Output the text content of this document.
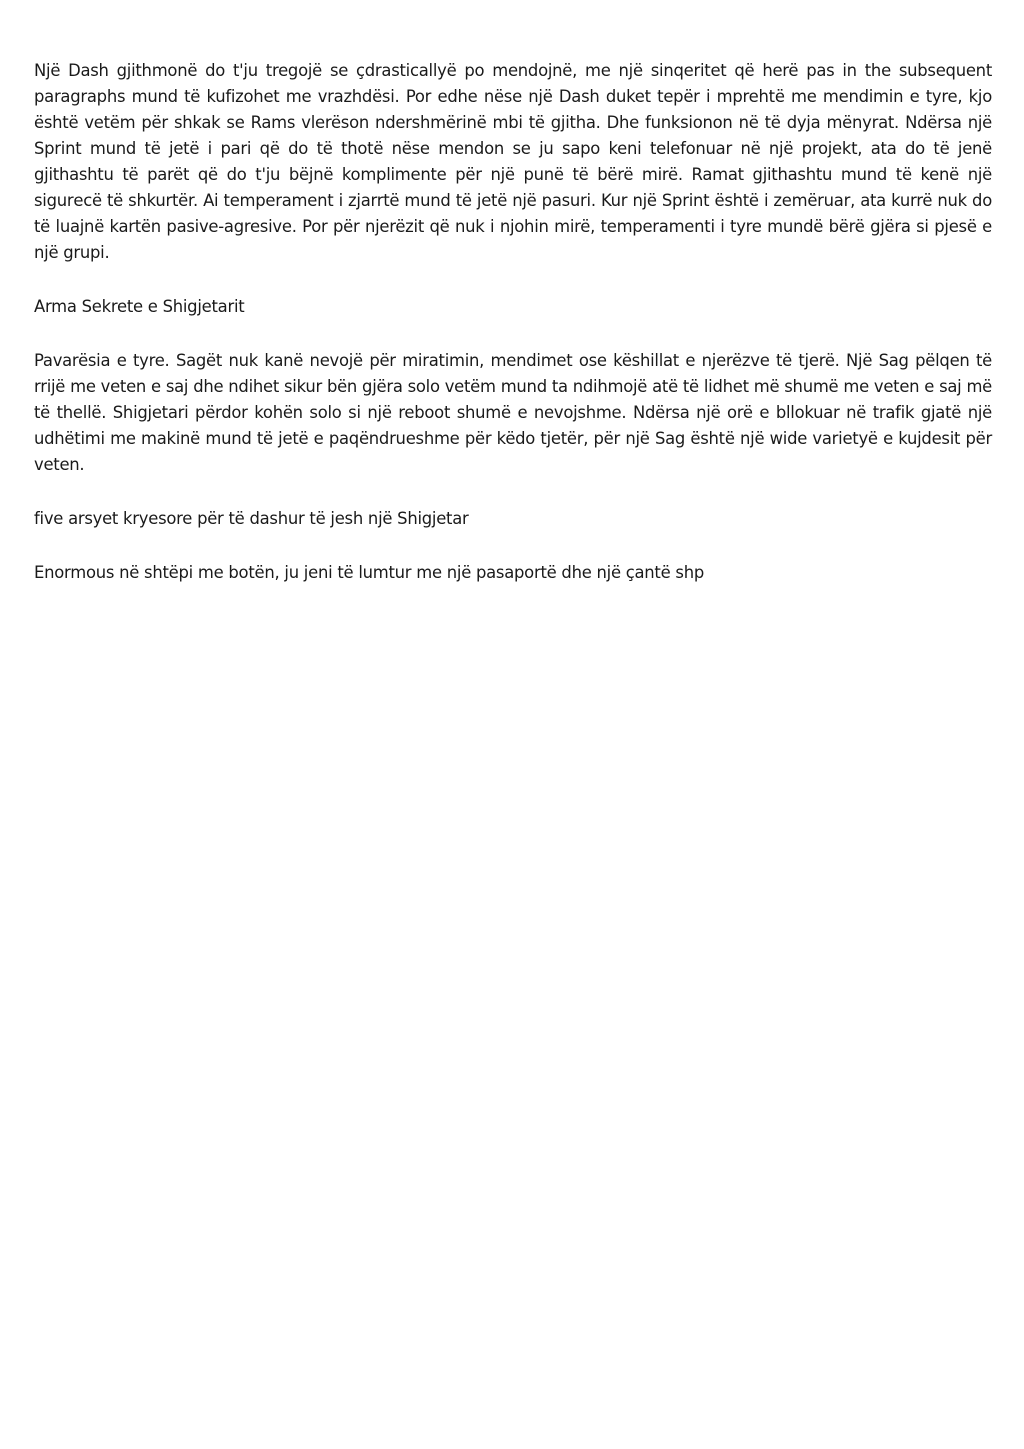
Një Dash gjithmonë do t'ju tregojë se çdrasticallyë po mendojnë, me një sinqeritet që herë pas in the subsequent paragraphs mund të kufizohet me vrazhdësi. Por edhe nëse një Dash duket tepër i mprehtë me mendimin e tyre, kjo është vetëm për shkak se Rams vlerëson ndershmërinë mbi të gjitha. Dhe funksionon në të dyja mënyrat. Ndërsa një Sprint mund të jetë i pari që do të thotë nëse mendon se ju sapo keni telefonuar në një projekt, ata do të jenë gjithashtu të parët që do t'ju bëjnë komplimente për një punë të bërë mirë. Ramat gjithashtu mund të kenë një sigurесë të shkurtër. Ai temperament i zjarrtë mund të jetë një pasuri. Kur një Sprint është i zemëruar, ata kurrë nuk do të luajnë kartën pasive-agresive. Por për njerëzit që nuk i njohin mirë, temperamenti i tyre mundë bërë gjëra si pjesë e një grupi.

Arma Sekrete e Shigjetarit

Pavarësia e tyre. Sagët nuk kanë nevojë për miratimin, mendimet ose këshillat e njerëzve të tjerë. Një Sag pëlqen të rrijë me veten e saj dhe ndihet sikur bën gjëra solo vetëm mund ta ndihmojë atë të lidhet më shumë me veten e saj më të thellë. Shigjetari përdor kohën solo si një reboot shumë e nevojshme. Ndërsa një orë e bllokuar në trafik gjatë një udhëtimi me makinë mund të jetë e paqëndrueshme për këdo tjetër, për një Sag është një wide varietyë e kujdesit për veten.

five arsyet kryesore për të dashur të jesh një Shigjetar

Enormous në shtëpi me botën, ju jeni të lumtur me një pasaportë dhe një çantë shp
